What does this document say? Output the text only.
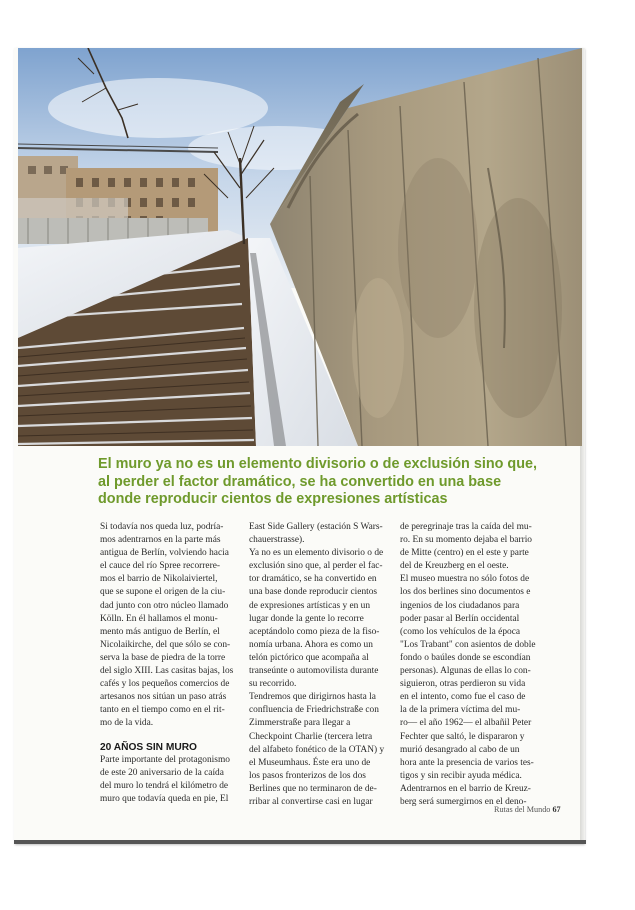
El muro ya no es un elemento divisorio o de exclusión sino que,
al perder el factor dramático, se ha convertido en una base
donde reproducir cientos de expresiones artísticas
Si todavía nos queda luz, podría-
mos adentrarnos en la parte más
antigua de Berlín, volviendo hacia
el cauce del río Spree recorrere-
mos el barrio de Nikolaiviertel,
que se supone el origen de la ciu-
dad junto con otro núcleo llamado
Kölln. En él hallamos el monu-
mento más antiguo de Berlín, el
Nicolaikirche, del que sólo se con-
serva la base de piedra de la torre
del siglo XIII. Las casitas bajas, los
cafés y los pequeños comercios de
artesanos nos sitúan un paso atrás
tanto en el tiempo como en el rit-
mo de la vida.
20 AÑOS SIN MURO
Parte importante del protagonismo
de este 20 aniversario de la caída
del muro lo tendrá el kilómetro de
muro que todavía queda en pie, El
East Side Gallery (estación S Wars-
chauerstrasse).
Ya no es un elemento divisorio o de
exclusión sino que, al perder el fac-
tor dramático, se ha convertido en
una base donde reproducir cientos
de expresiones artísticas y en un
lugar donde la gente lo recorre
aceptándolo como pieza de la fiso-
nomía urbana. Ahora es como un
telón pictórico que acompaña al
transeúnte o automovilista durante
su recorrido.
Tendremos que dirigirnos hasta la
confluencia de Friedrichstraße con
Zimmerstraße para llegar a
Checkpoint Charlie (tercera letra
del alfabeto fonético de la OTAN) y
el Museumhaus. Éste era uno de
los pasos fronterizos de los dos
Berlines que no terminaron de de-
rribar al convertirse casi en lugar
de peregrinaje tras la caída del mu-
ro. En su momento dejaba el barrio
de Mitte (centro) en el este y parte
del de Kreuzberg en el oeste.
El museo muestra no sólo fotos de
los dos berlines sino documentos e
ingenios de los ciudadanos para
poder pasar al Berlín occidental
(como los vehículos de la época
"Los Trabant" con asientos de doble
fondo o baúles donde se escondían
personas). Algunas de ellas lo con-
siguieron, otras perdieron su vida
en el intento, como fue el caso de
la de la primera víctima del mu-
ro— el año 1962— el albañil Peter
Fechter que saltó, le dispararon y
murió desangrado al cabo de un
hora ante la presencia de varios tes-
tigos y sin recibir ayuda médica.
Adentrarnos en el barrio de Kreuz-
berg será sumergirnos en el deno-
Rutas del Mundo 67
